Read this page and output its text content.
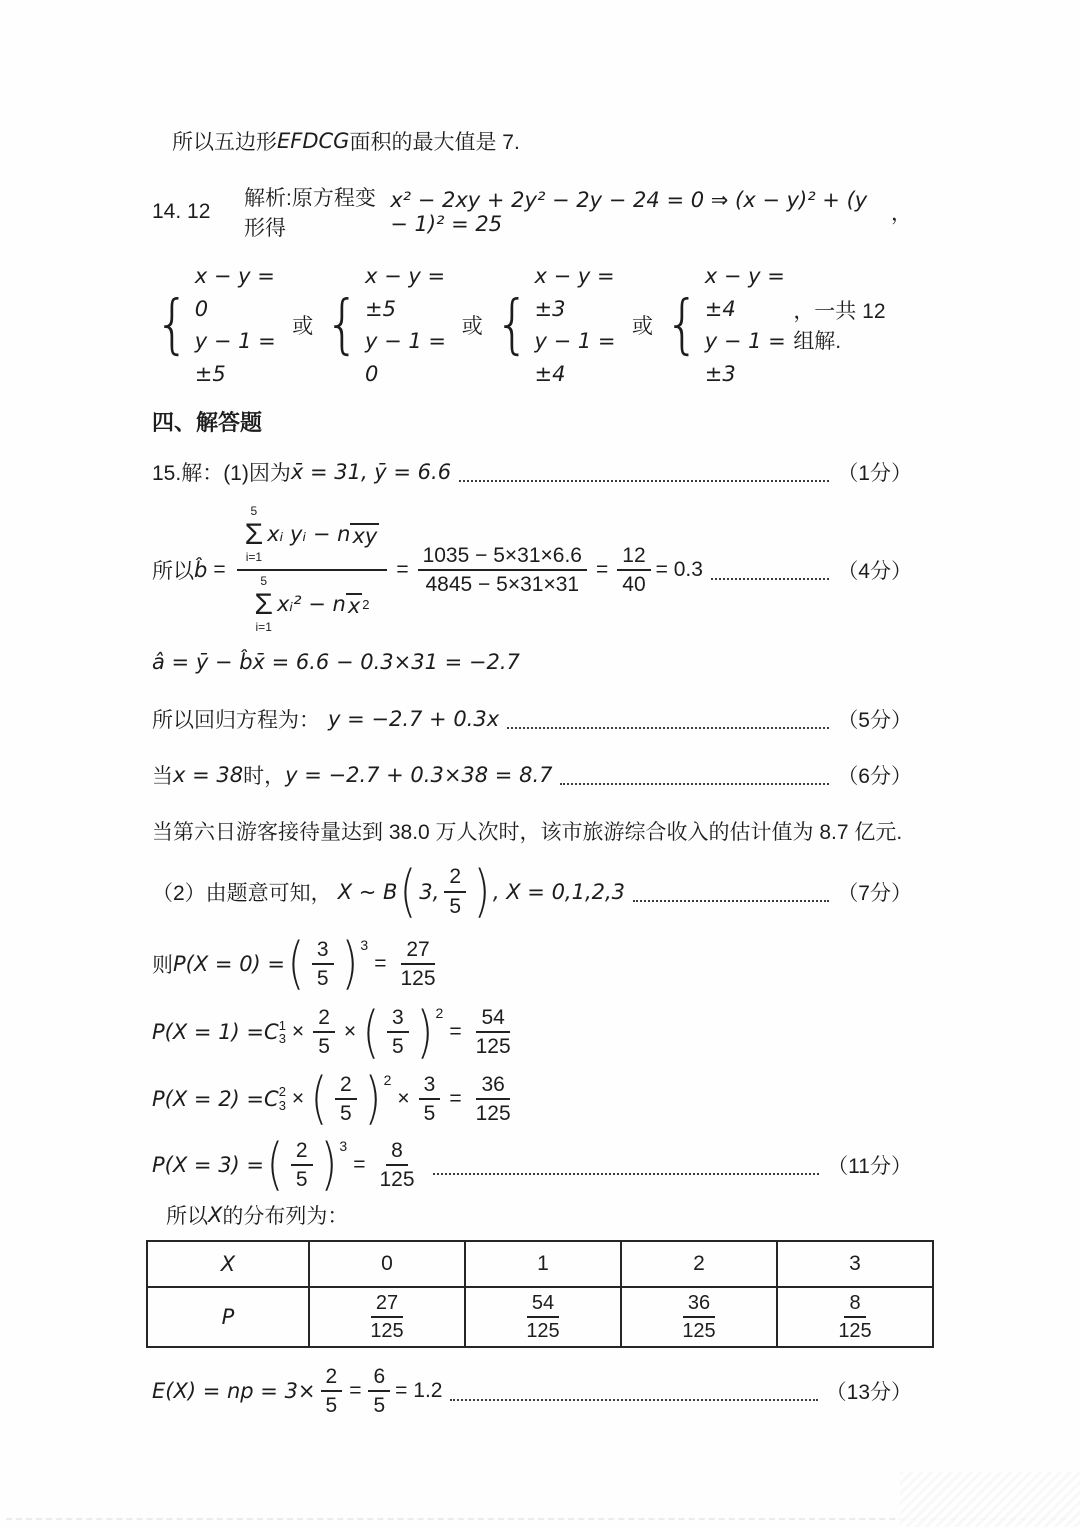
所以五边形 EFDCG 面积的最大值是 7.
14. 12
解析:原方程变形得
x² − 2xy + 2y² − 2y − 24 = 0 ⇒ (x − y)² + (y − 1)² = 25	，
{
x − y = 0
y − 1 = ±5
或 {
x − y = ±5
y − 1 = 0
或 {
x − y = ±3
y − 1 = ±4
或 {
x − y = ±4
y − 1 = ±3
，一共 12 组解.
四、解答题
15.解：(1)因为 x̄ = 31, ȳ = 6.6	（1分）
所以 b̂ =
5
Σ
i=1
xᵢ yᵢ − n xy
5
Σ
i=1
xᵢ² − n x 2
= $\frac{1035 - 5\times 31\times 6.6}{4845 - 5\times 31\times 31} = \frac{12}{40} = 0.3$	（4分）
â = ȳ − b̂x̄ = 6.6 − 0.3×31 = −2.7
所以回归方程为： y = −2.7 + 0.3x	（5分）
当 x = 38 时， y = −2.7 + 0.3×38 = 8.7	（6分）
当第六日游客接待量达到 38.0 万人次时，该市旅游综合收入的估计值为 8.7 亿元.
（2）由题意可知， X ∼ B ( 3, $\frac{2}{5}$ ) , X = 0,1,2,3	（7分）
则 P(X = 0) = ( $\frac{3}{5}$ ) 3
= $\frac{27}{125}$
P(X = 1) = C 1
$3 \times \frac{2}{5}$ × ( $\frac{3}{5}$ ) 2
= $\frac{54}{125}$
P(X = 2) = C 2
3 × ( $\frac{2}{5}$ ) 2
× $\frac{3}{5} = \frac{36}{125}$
P(X = 3) = ( $\frac{2}{5}$ ) 3
= $\frac{8}{125}$	（11分）
所以 X 的分布列为：
X	0	1	2	3
P	$\frac{27}{125}$	$\frac{54}{125}$	$\frac{36}{125}$	$\frac{8}{125}$
E(X) = np = $3\times \frac{2}{5} = \frac{6}{5} = 1.2$	（13分）
